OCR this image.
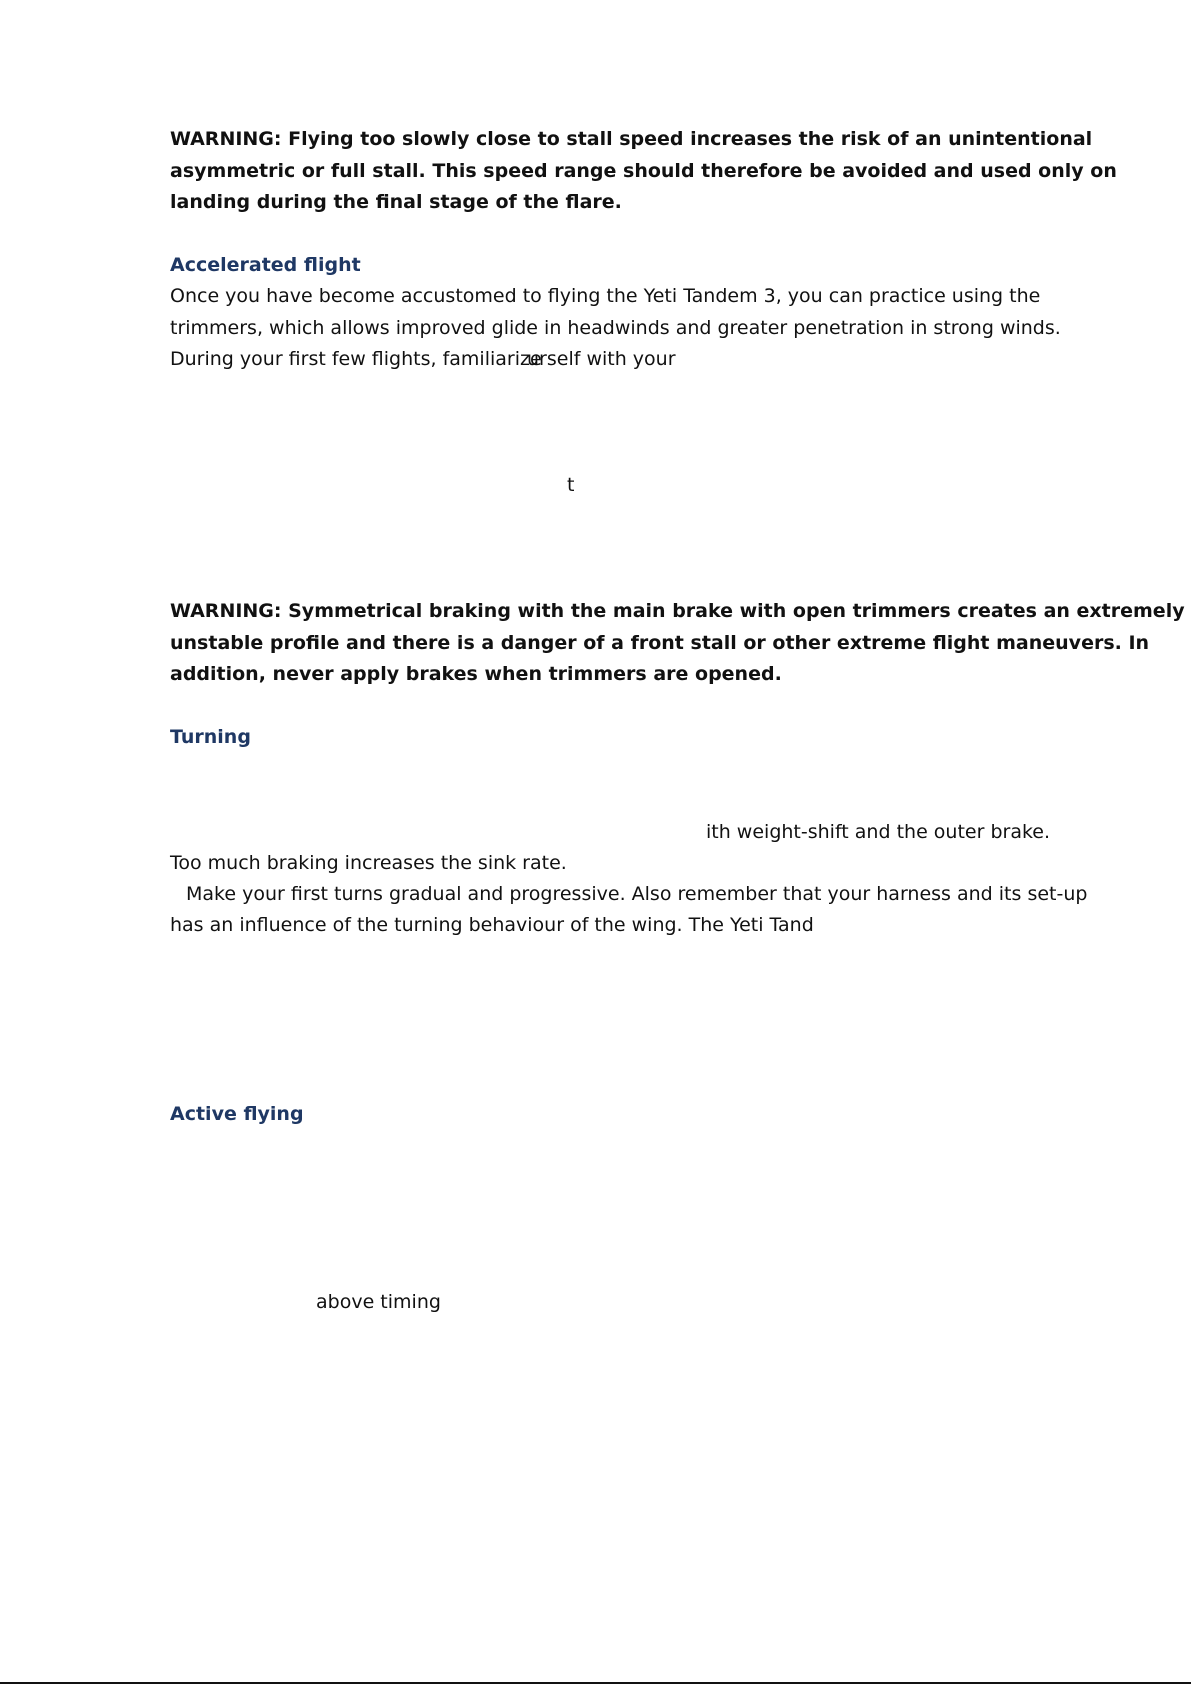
WARNING: Flying too slowly close to stall speed increases the risk of an unintentional
asymmetric or full stall. This speed range should therefore be avoided and used only on
landing during the final stage of the flare.
Accelerated flight
Once you have become accustomed to flying the Yeti Tandem 3, you can practice using the
trimmers, which allows improved glide in headwinds and greater penetration in strong winds.
During your first few flights, familiarize
urself with your
t
WARNING: Symmetrical braking with the main brake with open trimmers creates an extremely
unstable profile and there is a danger of a front stall or other extreme flight maneuvers. In
addition, never apply brakes when trimmers are opened.
Turning
ith weight-shift and the outer brake.
Too much braking increases the sink rate.
Make your first turns gradual and progressive. Also remember that your harness and its set-up
has an influence of the turning behaviour of the wing. The Yeti Tand
Active flying
above timing
